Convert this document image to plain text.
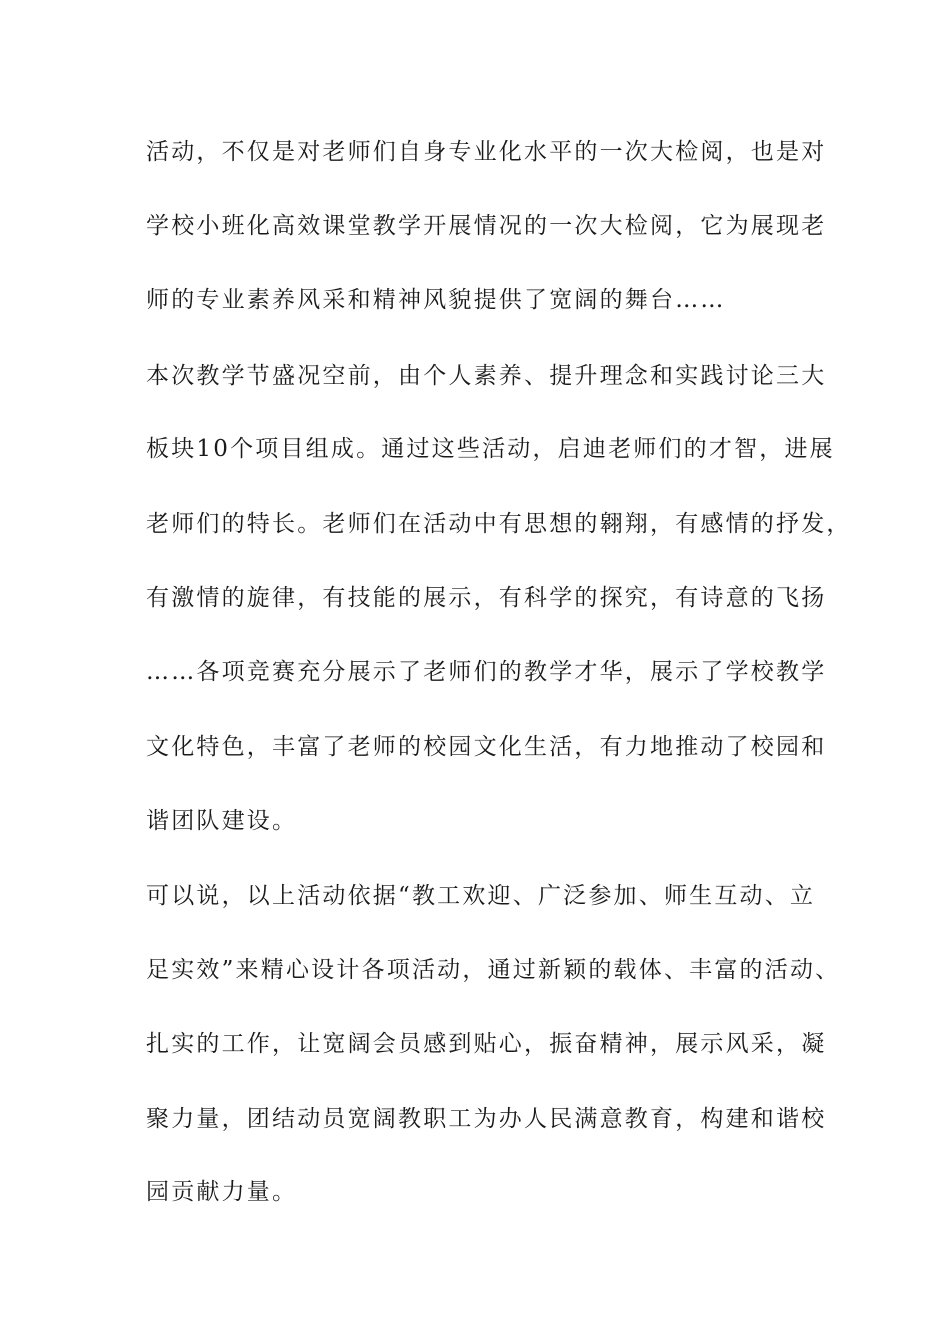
活动，不仅是对老师们自身专业化水平的一次大检阅，也是对
学校小班化高效课堂教学开展情况的一次大检阅，它为展现老
师的专业素养风采和精神风貌提供了宽阔的舞台……
本次教学节盛况空前，由个人素养、提升理念和实践讨论三大
板块10个项目组成。通过这些活动，启迪老师们的才智，进展
老师们的特长。老师们在活动中有思想的翱翔，有感情的抒发，
有激情的旋律，有技能的展示，有科学的探究，有诗意的飞扬
……各项竞赛充分展示了老师们的教学才华，展示了学校教学
文化特色，丰富了老师的校园文化生活，有力地推动了校园和
谐团队建设。
可以说，以上活动依据“教工欢迎、广泛参加、师生互动、立
足实效”来精心设计各项活动，通过新颖的载体、丰富的活动、
扎实的工作，让宽阔会员感到贴心，振奋精神，展示风采，凝
聚力量，团结动员宽阔教职工为办人民满意教育，构建和谐校
园贡献力量。
